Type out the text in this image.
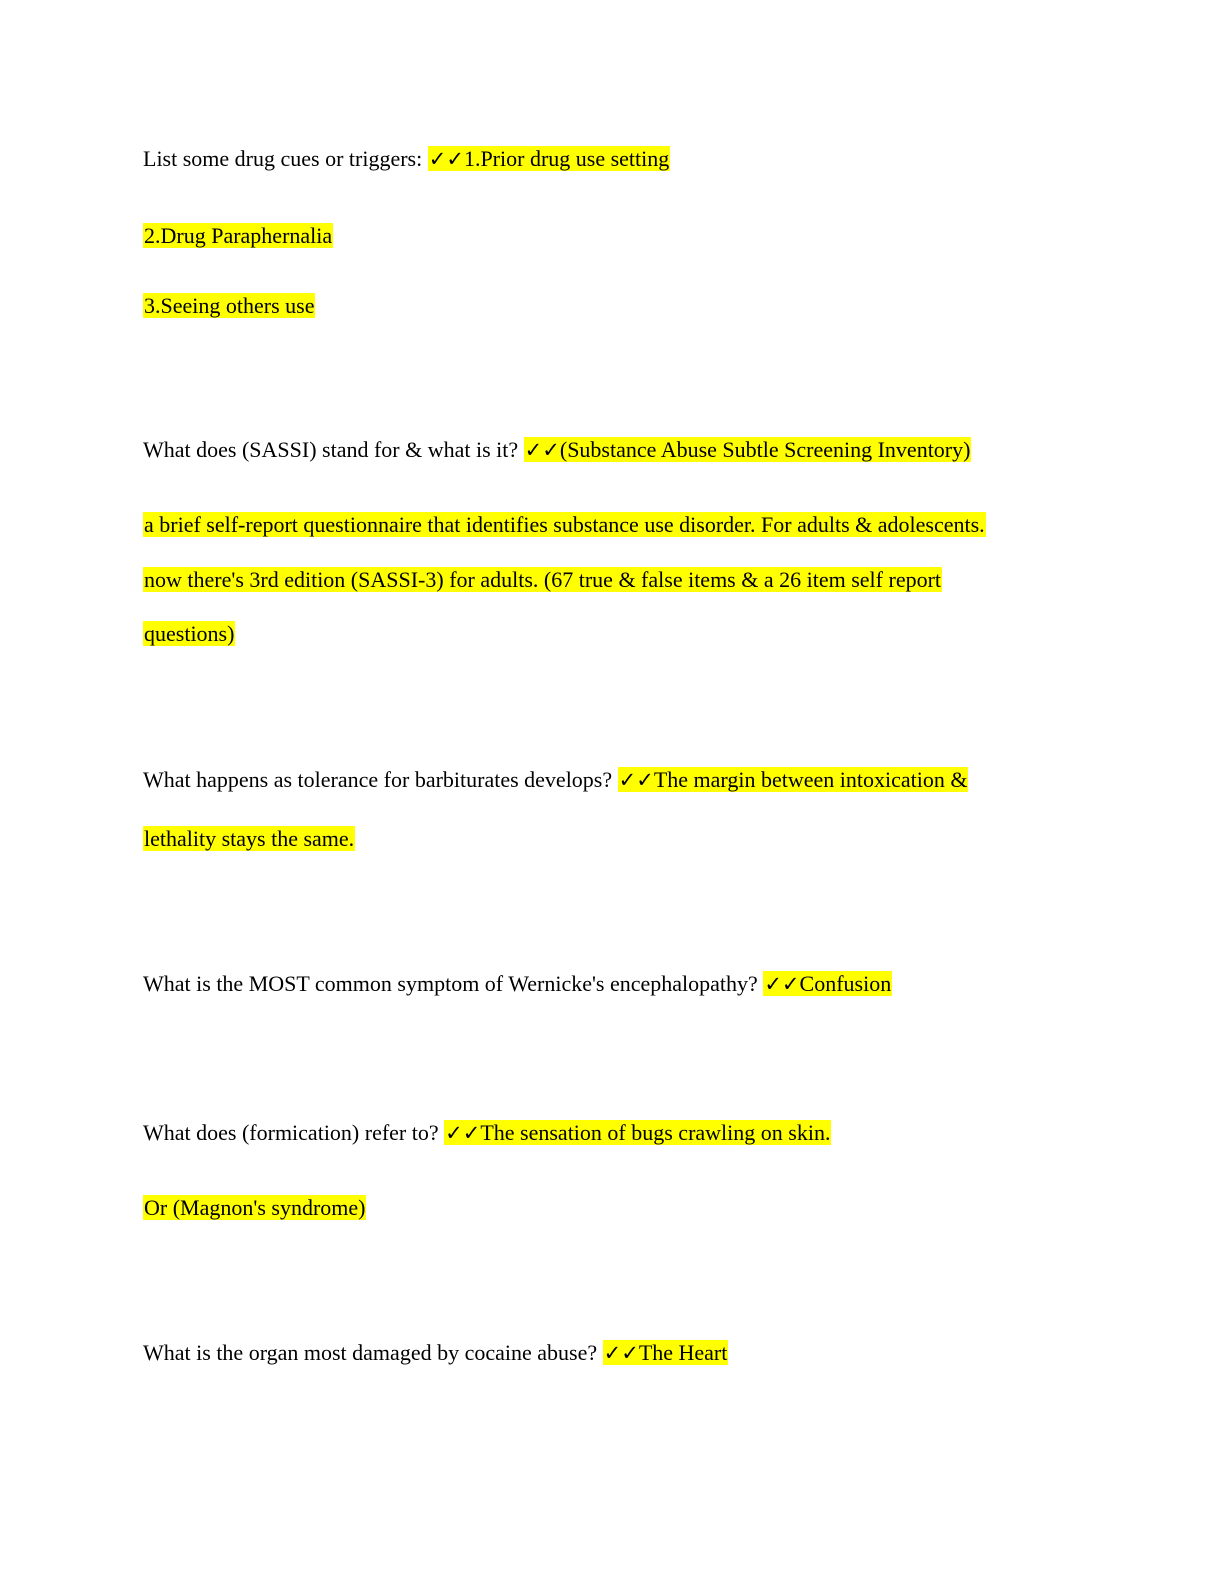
List some drug cues or triggers: ✓✓1.Prior drug use setting
2.Drug Paraphernalia
3.Seeing others use
What does (SASSI) stand for & what is it? ✓✓(Substance Abuse Subtle Screening Inventory)
a brief self-report questionnaire that identifies substance use disorder. For adults & adolescents.
now there's 3rd edition (SASSI-3) for adults. (67 true & false items & a 26 item self report
questions)
What happens as tolerance for barbiturates develops? ✓✓The margin between intoxication &
lethality stays the same.
What is the MOST common symptom of Wernicke's encephalopathy? ✓✓Confusion
What does (formication) refer to? ✓✓The sensation of bugs crawling on skin.
Or (Magnon's syndrome)
What is the organ most damaged by cocaine abuse? ✓✓The Heart
